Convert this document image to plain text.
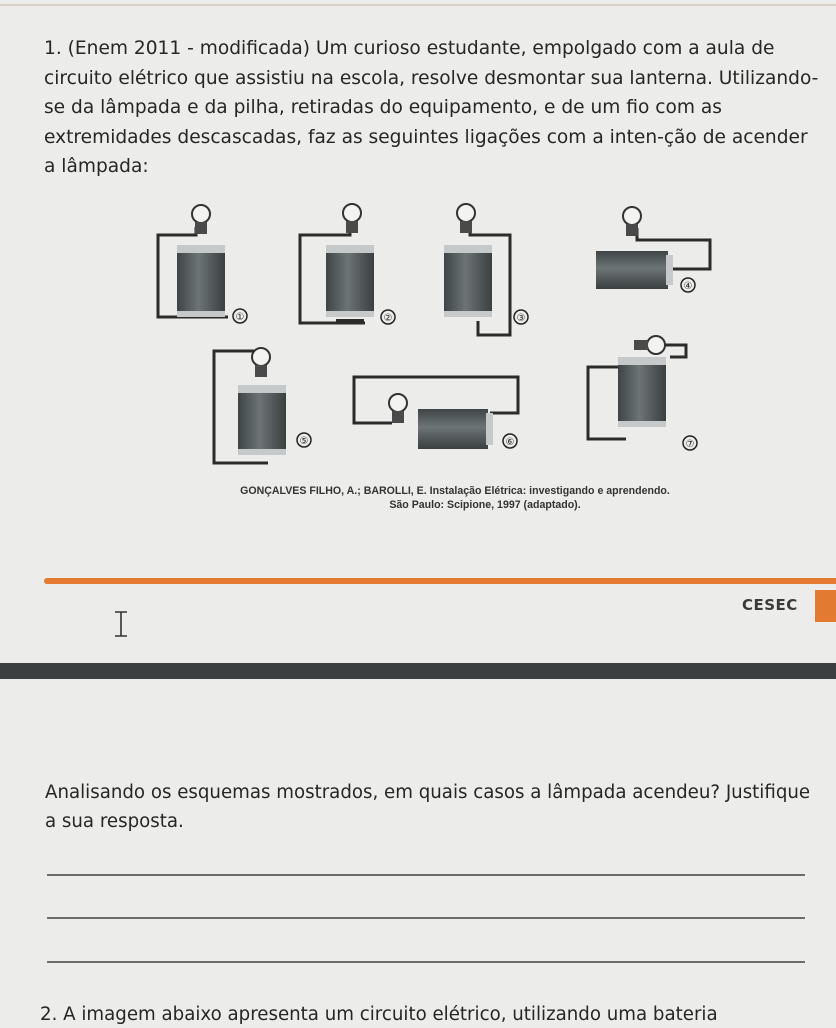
1. (Enem 2011 - modificada) Um curioso estudante, empolgado com a aula de circuito elétrico que assistiu na escola, resolve desmontar sua lanterna. Utilizando-se da lâmpada e da pilha, retiradas do equipamento, e de um fio com as extremidades descascadas, faz as seguintes ligações com a inten-ção de acender a lâmpada:

①	②	③
④
⑤	⑥	⑦
GONÇALVES FILHO, A.; BAROLLI, E. Instalação Elétrica: investigando e aprendendo.
São Paulo: Scipione, 1997 (adaptado).
CESEC

Analisando os esquemas mostrados, em quais casos a lâmpada acendeu? Justifique a sua resposta.

2. A imagem abaixo apresenta um circuito elétrico, utilizando uma bateria
